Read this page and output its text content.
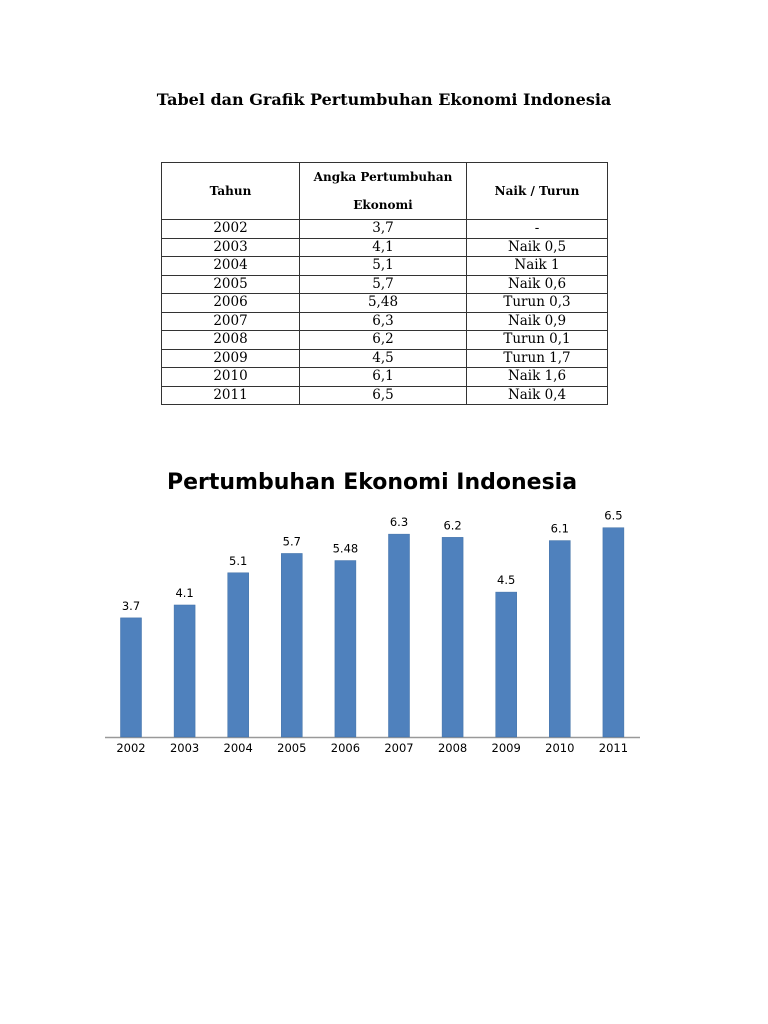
Tabel dan Grafik Pertumbuhan Ekonomi Indonesia
Tahun	Angka Pertumbuhan Ekonomi	Naik / Turun
2002	3,7	-
2003	4,1	Naik 0,5
2004	5,1	Naik 1
2005	5,7	Naik 0,6
2006	5,48	Turun 0,3
2007	6,3	Naik 0,9
2008	6,2	Turun 0,1
2009	4,5	Turun 1,7
2010	6,1	Naik 1,6
2011	6,5	Naik 0,4
Pertumbuhan Ekonomi Indonesia
3.7
2002
4.1
2003
5.1
2004
5.7
2005
5.48
2006
6.3
2007
6.2
2008
4.5
2009
6.1
2010
6.5
2011
